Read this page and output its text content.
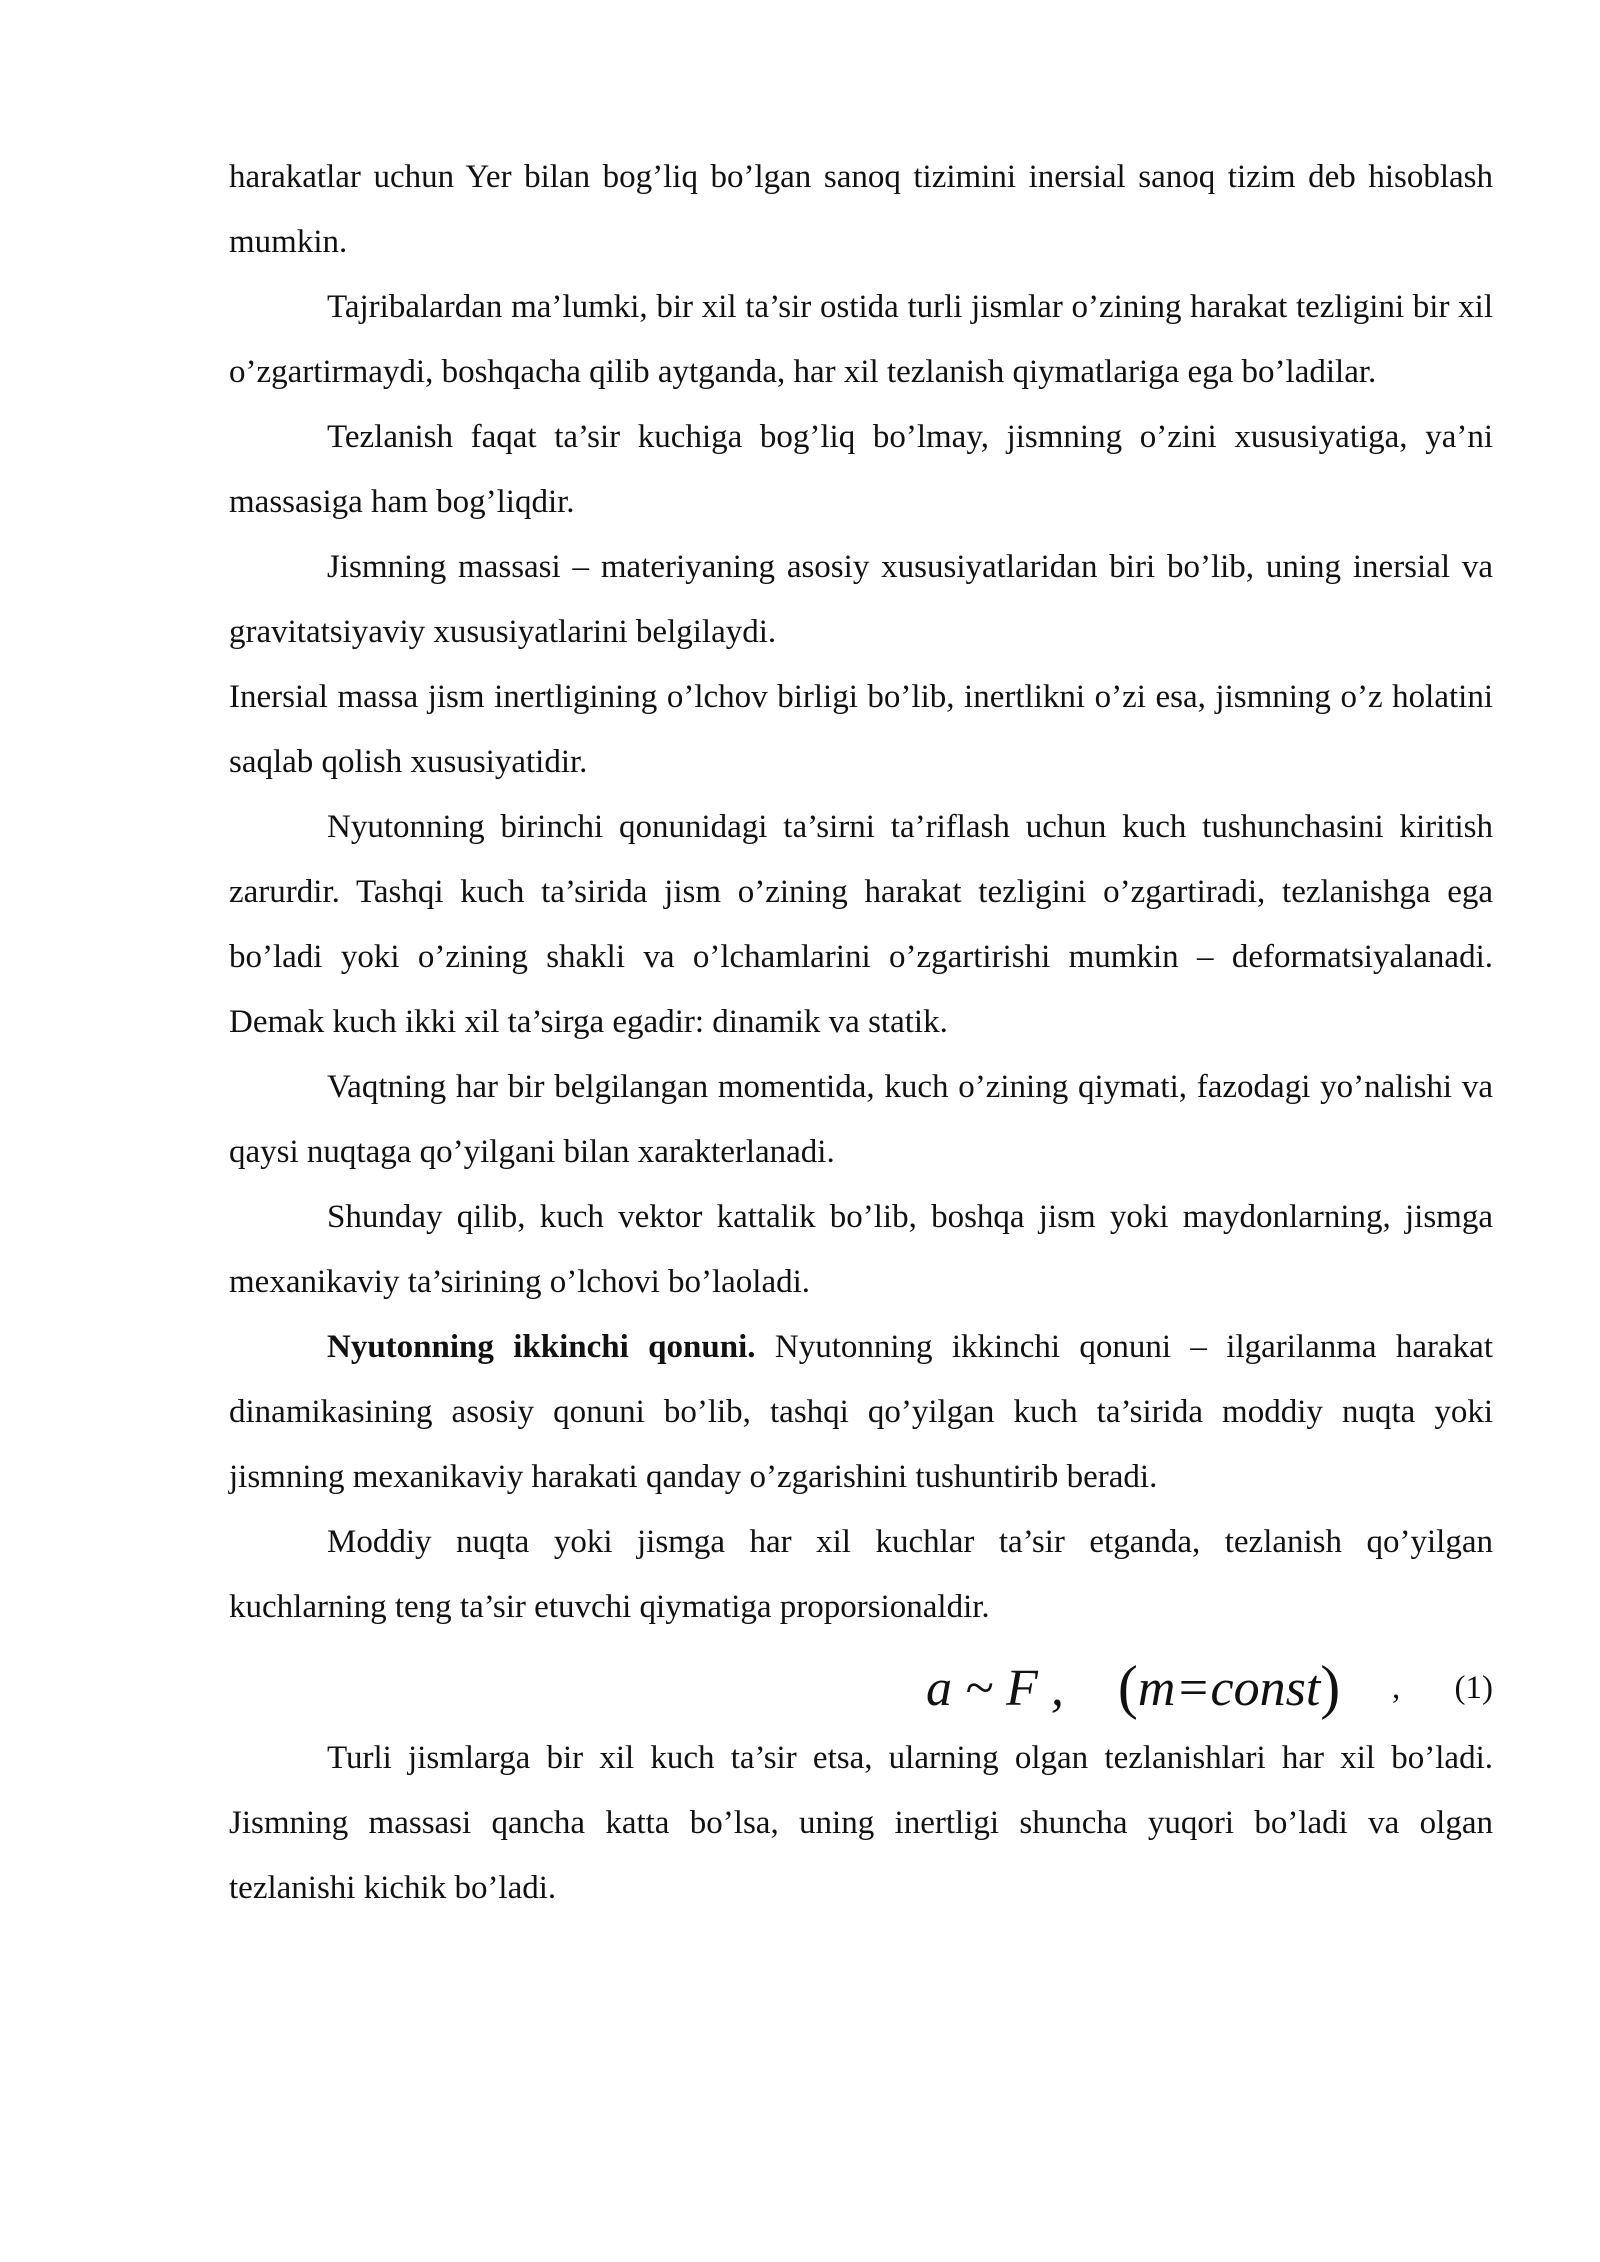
harakatlar uchun Yer bilan bog’liq bo’lgan sanoq tizimini inersial sanoq tizim deb hisoblash mumkin.

Tajribalardan ma’lumki, bir xil ta’sir ostida turli jismlar o’zining harakat tezligini bir xil o’zgartirmaydi, boshqacha qilib aytganda, har xil tezlanish qiymatlariga ega bo’ladilar.

Tezlanish faqat ta’sir kuchiga bog’liq bo’lmay, jismning o’zini xususiyatiga, ya’ni massasiga ham bog’liqdir.

Jismning massasi – materiyaning asosiy xususiyatlaridan biri bo’lib, uning inersial va gravitatsiyaviy xususiyatlarini belgilaydi.

Inersial massa jism inertligining o’lchov birligi bo’lib, inertlikni o’zi esa, jismning o’z holatini saqlab qolish xususiyatidir.

Nyutonning birinchi qonunidagi ta’sirni ta’riflash uchun kuch tushunchasini kiritish zarurdir. Tashqi kuch ta’sirida jism o’zining harakat tezligini o’zgartiradi, tezlanishga ega bo’ladi yoki o’zining shakli va o’lchamlarini o’zgartirishi mumkin – deformatsiyalanadi. Demak kuch ikki xil ta’sirga egadir: dinamik va statik.

Vaqtning har bir belgilangan momentida, kuch o’zining qiymati, fazodagi yo’nalishi va qaysi nuqtaga qo’yilgani bilan xarakterlanadi.

Shunday qilib, kuch vektor kattalik bo’lib, boshqa jism yoki maydonlarning, jismga mexanikaviy ta’sirining o’lchovi bo’laoladi.

Nyutonning ikkinchi qonuni. Nyutonning ikkinchi qonuni – ilgarilanma harakat dinamikasining asosiy qonuni bo’lib, tashqi qo’yilgan kuch ta’sirida moddiy nuqta yoki jismning mexanikaviy harakati qanday o’zgarishini tushuntirib beradi.

Moddiy nuqta yoki jismga har xil kuchlar ta’sir etganda, tezlanish qo’yilgan kuchlarning teng ta’sir etuvchi qiymatiga proporsionaldir.

a ~ F , (m=const) , (1)

Turli jismlarga bir xil kuch ta’sir etsa, ularning olgan tezlanishlari har xil bo’ladi. Jismning massasi qancha katta bo’lsa, uning inertligi shuncha yuqori bo’ladi va olgan tezlanishi kichik bo’ladi.
